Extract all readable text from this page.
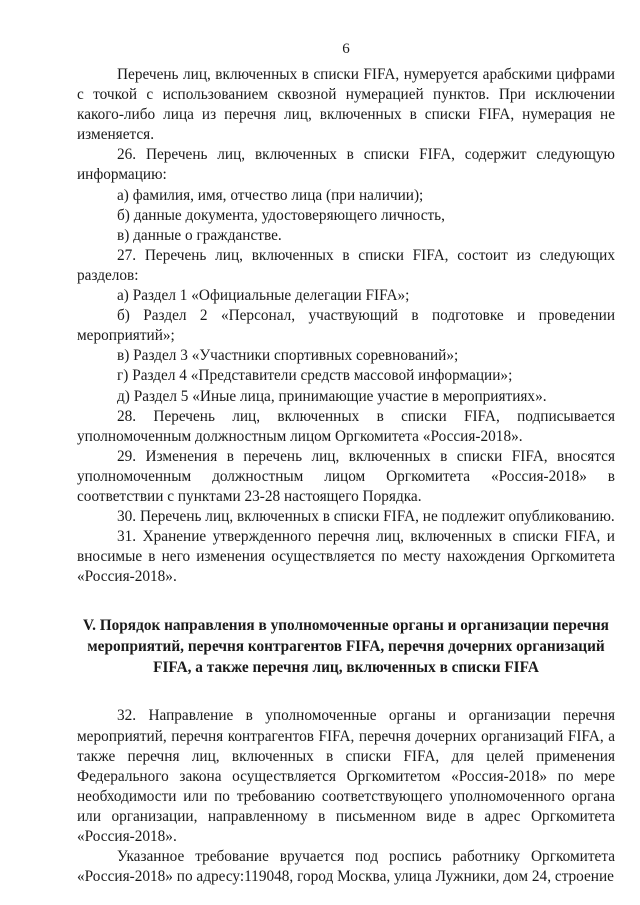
6

Перечень лиц, включенных в списки FIFA, нумеруется арабскими цифрами с точкой с использованием сквозной нумерацией пунктов. При исключении какого-либо лица из перечня лиц, включенных в списки FIFA, нумерация не изменяется.

26. Перечень лиц, включенных в списки FIFA, содержит следующую информацию:

а) фамилия, имя, отчество лица (при наличии);

б) данные документа, удостоверяющего личность,

в) данные о гражданстве.

27. Перечень лиц, включенных в списки FIFA, состоит из следующих разделов:

а) Раздел 1 «Официальные делегации FIFA»;

б) Раздел 2 «Персонал, участвующий в подготовке и проведении мероприятий»;

в) Раздел 3 «Участники спортивных соревнований»;

г) Раздел 4 «Представители средств массовой информации»;

д) Раздел 5 «Иные лица, принимающие участие в мероприятиях».

28. Перечень лиц, включенных в списки FIFA, подписывается уполномоченным должностным лицом Оргкомитета «Россия-2018».

29. Изменения в перечень лиц, включенных в списки FIFA, вносятся уполномоченным должностным лицом Оргкомитета «Россия-2018» в соответствии с пунктами 23-28 настоящего Порядка.

30. Перечень лиц, включенных в списки FIFA, не подлежит опубликованию.

31. Хранение утвержденного перечня лиц, включенных в списки FIFA, и вносимые в него изменения осуществляется по месту нахождения Оргкомитета «Россия-2018».

V. Порядок направления в уполномоченные органы и организации перечня мероприятий, перечня контрагентов FIFA, перечня дочерних организаций FIFA, а также перечня лиц, включенных в списки FIFA

32. Направление в уполномоченные органы и организации перечня мероприятий, перечня контрагентов FIFA, перечня дочерних организаций FIFA, а также перечня лиц, включенных в списки FIFA, для целей применения Федерального закона осуществляется Оргкомитетом «Россия-2018» по мере необходимости или по требованию соответствующего уполномоченного органа или организации, направленному в письменном виде в адрес Оргкомитета «Россия-2018».

Указанное требование вручается под роспись работнику Оргкомитета «Россия-2018» по адресу:119048, город Москва, улица Лужники, дом 24, строение
